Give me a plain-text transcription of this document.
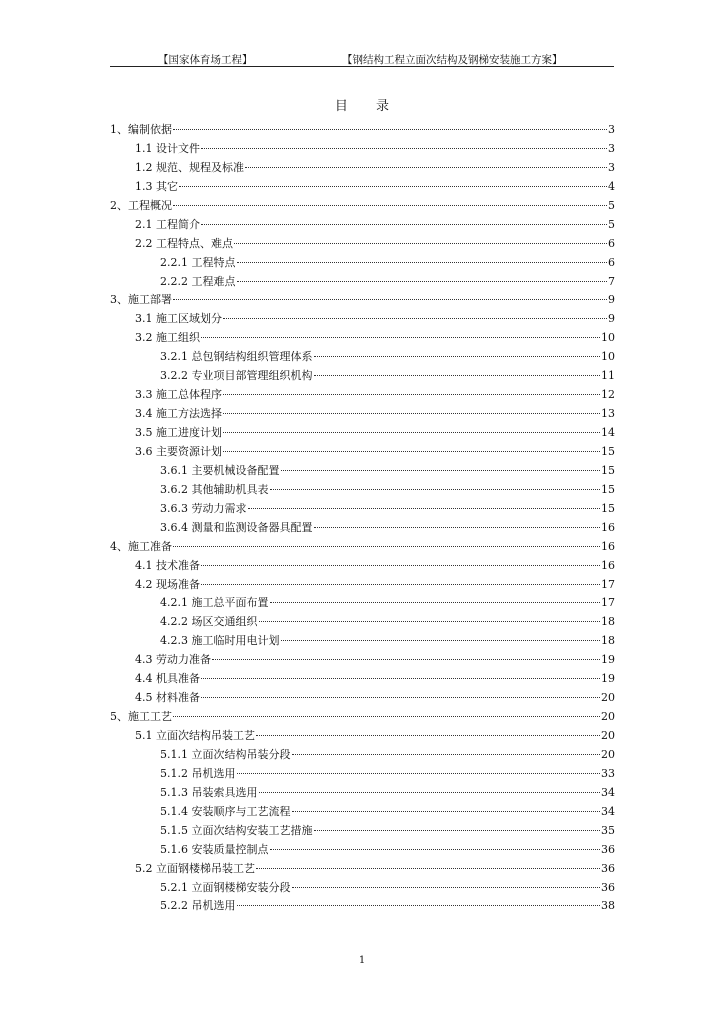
【国家体育场工程】	【钢结构工程立面次结构及钢梯安装施工方案】
目 录
1、编制依据	3
1.1 设计文件	3
1.2 规范、规程及标准	3
1.3 其它	4
2、工程概况	5
2.1 工程简介	5
2.2 工程特点、难点	6
2.2.1 工程特点	6
2.2.2 工程难点	7
3、施工部署	9
3.1 施工区域划分	9
3.2 施工组织	10
3.2.1 总包钢结构组织管理体系	10
3.2.2 专业项目部管理组织机构	11
3.3 施工总体程序	12
3.4 施工方法选择	13
3.5 施工进度计划	14
3.6 主要资源计划	15
3.6.1 主要机械设备配置	15
3.6.2 其他辅助机具表	15
3.6.3 劳动力需求	15
3.6.4 测量和监测设备器具配置	16
4、施工准备	16
4.1 技术准备	16
4.2 现场准备	17
4.2.1 施工总平面布置	17
4.2.2 场区交通组织	18
4.2.3 施工临时用电计划	18
4.3 劳动力准备	19
4.4 机具准备	19
4.5 材料准备	20
5、施工工艺	20
5.1 立面次结构吊装工艺	20
5.1.1 立面次结构吊装分段	20
5.1.2 吊机选用	33
5.1.3 吊装索具选用	34
5.1.4 安装顺序与工艺流程	34
5.1.5 立面次结构安装工艺措施	35
5.1.6 安装质量控制点	36
5.2 立面钢楼梯吊装工艺	36
5.2.1 立面钢楼梯安装分段	36
5.2.2 吊机选用	38
1
